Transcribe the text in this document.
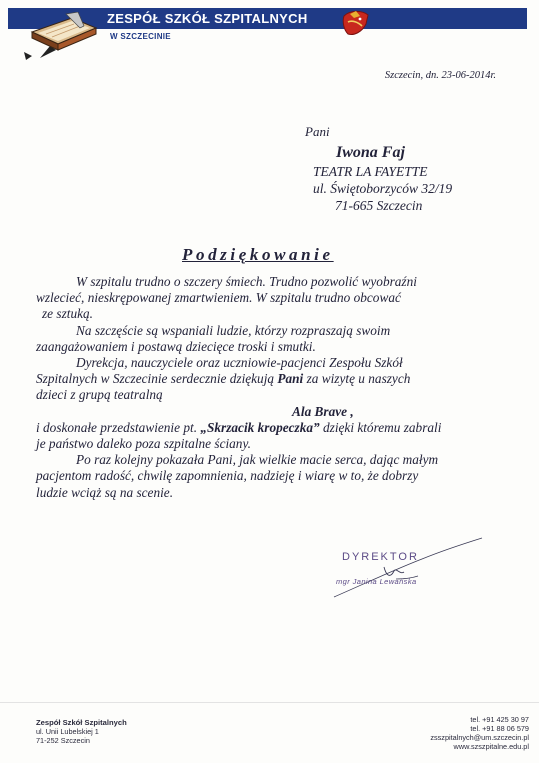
ZESPÓŁ SZKÓŁ SZPITALNYCH
W SZCZECINIE
Szczecin, dn. 23-06-2014r.
Pani
Iwona Faj
TEATR LA FAYETTE
ul. Świętoborzyców 32/19
71-665 Szczecin
Podziękowanie

W szpitalu trudno o szczery śmiech. Trudno pozwolić wyobraźni

wzlecieć, nieskrępowanej zmartwieniem. W szpitalu trudno obcować

ze sztuką.

Na szczęście są wspaniali ludzie, którzy rozpraszają swoim

zaangażowaniem i postawą dziecięce troski i smutki.

Dyrekcja, nauczyciele oraz uczniowie-pacjenci Zespołu Szkół

Szpitalnych w Szczecinie serdecznie dziękują Pani za wizytę u naszych

dzieci z grupą teatralną

Ala Brave ,

i doskonałe przedstawienie pt. „Skrzacik kropeczka” dzięki któremu zabrali

je państwo daleko poza szpitalne ściany.

Po raz kolejny pokazała Pani, jak wielkie macie serca, dając małym

pacjentom radość, chwilę zapomnienia, nadzieję i wiarę w to, że dobrzy

ludzie wciąż są na scenie.

DYREKTOR
mgr Janina Lewańska
Zespół Szkół Szpitalnych
ul. Unii Lubelskiej 1
71-252 Szczecin
tel. +91 425 30 97
tel. +91 88 06 579
zsszpitalnych@um.szczecin.pl
www.szszpitalne.edu.pl
